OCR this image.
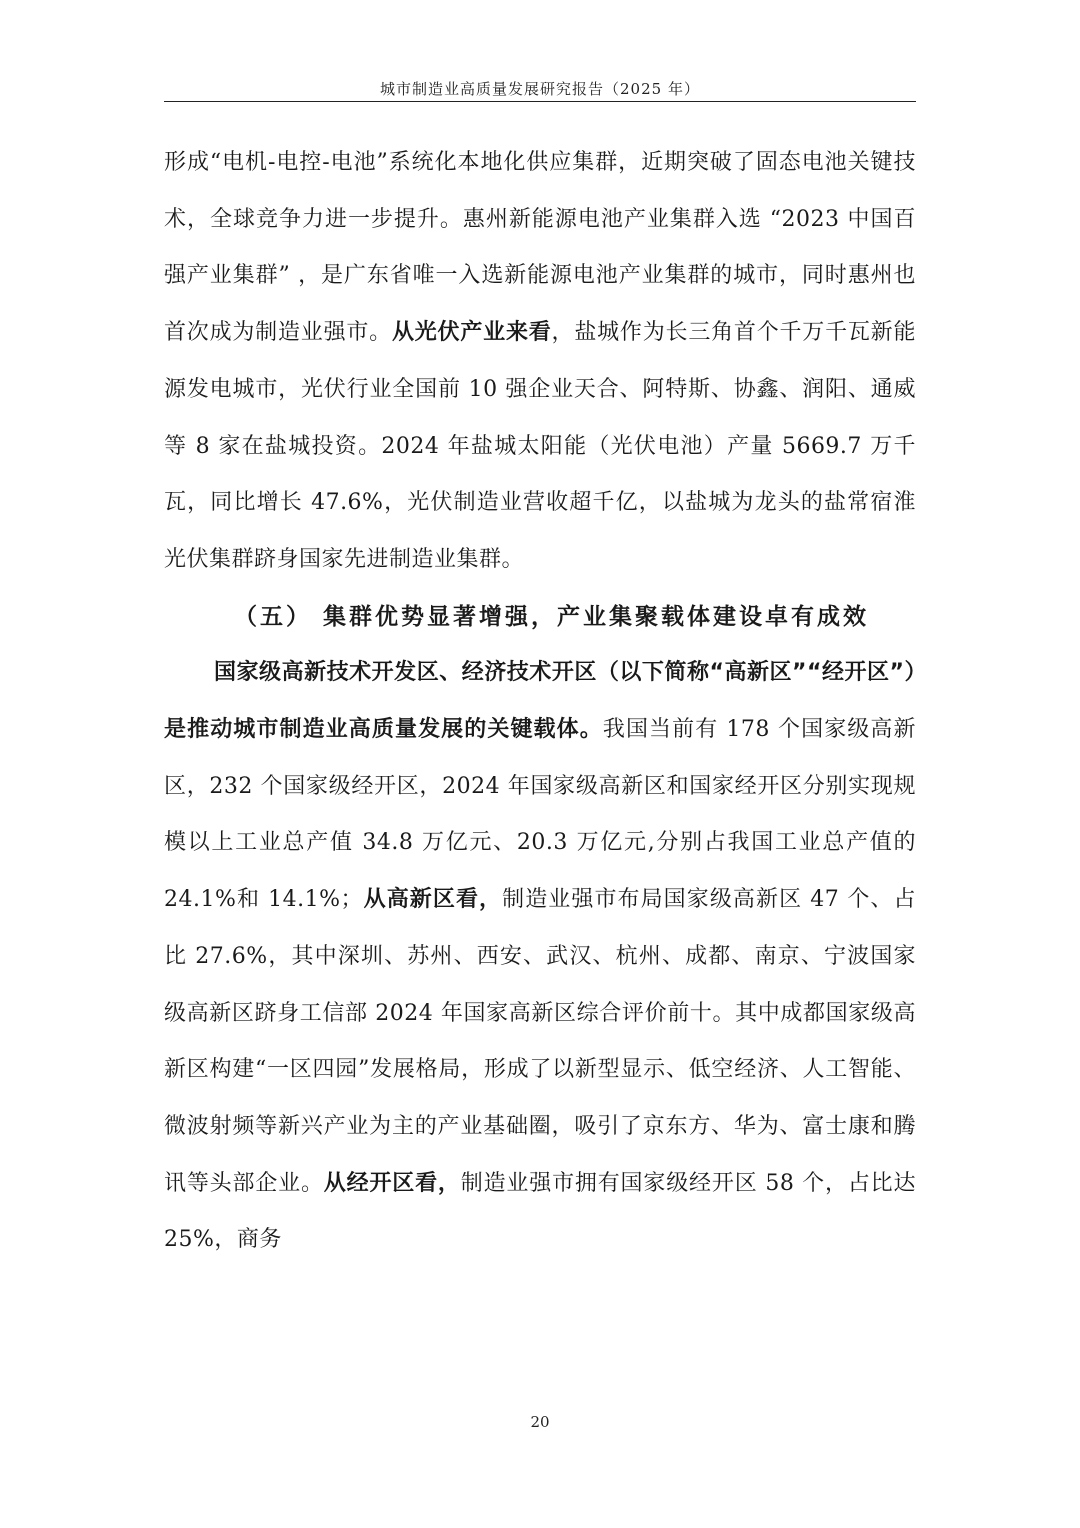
城市制造业高质量发展研究报告（2025 年）

形成“电机-电控-电池”系统化本地化供应集群，近期突破了固态电池关键技术，全球竞争力进一步提升。惠州新能源电池产业集群入选 “2023 中国百强产业集群” ，是广东省唯一入选新能源电池产业集群的城市，同时惠州也首次成为制造业强市。从光伏产业来看，盐城作为长三角首个千万千瓦新能源发电城市，光伏行业全国前 10 强企业天合、阿特斯、协鑫、润阳、通威等 8 家在盐城投资。2024 年盐城太阳能（光伏电池）产量 5669.7 万千瓦，同比增长 47.6%，光伏制造业营收超千亿，以盐城为龙头的盐常宿淮光伏集群跻身国家先进制造业集群。

（五） 集群优势显著增强，产业集聚载体建设卓有成效

国家级高新技术开发区、经济技术开区（以下简称“高新区”“经开区”）是推动城市制造业高质量发展的关键载体。我国当前有 178 个国家级高新区，232 个国家级经开区，2024 年国家级高新区和国家经开区分别实现规模以上工业总产值 34.8 万亿元、20.3 万亿元,分别占我国工业总产值的 24.1%和 14.1%；从高新区看，制造业强市布局国家级高新区 47 个、占比 27.6%，其中深圳、苏州、西安、武汉、杭州、成都、南京、宁波国家级高新区跻身工信部 2024 年国家高新区综合评价前十。其中成都国家级高新区构建“一区四园”发展格局，形成了以新型显示、低空经济、人工智能、微波射频等新兴产业为主的产业基础圈，吸引了京东方、华为、富士康和腾讯等头部企业。从经开区看，制造业强市拥有国家级经开区 58 个，占比达 25%，商务

20
